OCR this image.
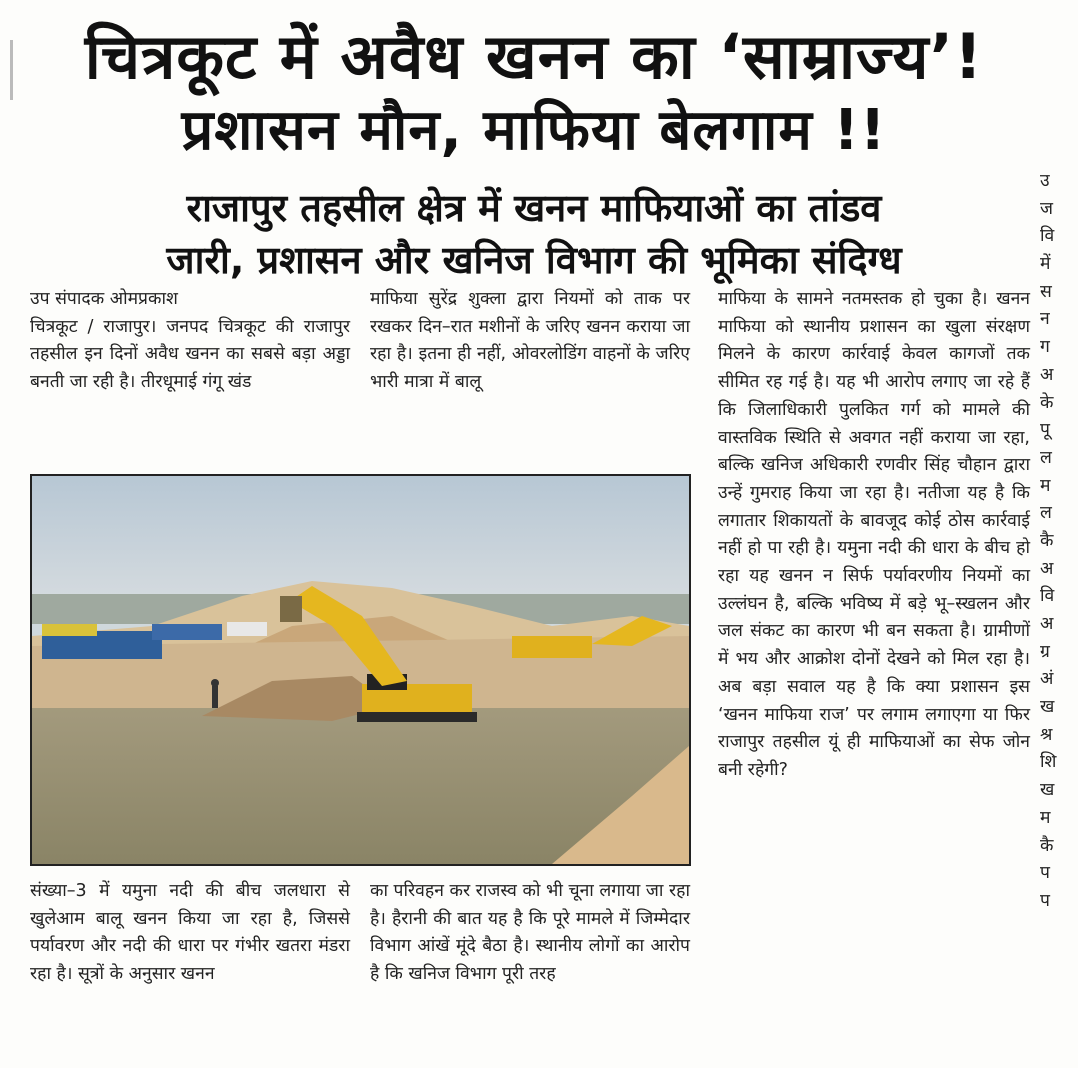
चित्रकूट में अवैध खनन का ‘साम्राज्य’!
प्रशासन मौन, माफिया बेलगाम !!
राजापुर तहसील क्षेत्र में खनन माफियाओं का तांडव
जारी, प्रशासन और खनिज विभाग की भूमिका संदिग्ध
उप संपादक ओमप्रकाश

चित्रकूट / राजापुर। जनपद चित्रकूट की राजापुर तहसील इन दिनों अवैध खनन का सबसे बड़ा अड्डा बनती जा रही है। तीरधूमाई गंगू खंड

माफिया सुरेंद्र शुक्ला द्वारा नियमों को ताक पर रखकर दिन–रात मशीनों के जरिए खनन कराया जा रहा है। इतना ही नहीं, ओवरलोडिंग वाहनों के जरिए भारी मात्रा में बालू

माफिया के सामने नतमस्तक हो चुका है। खनन माफिया को स्थानीय प्रशासन का खुला संरक्षण मिलने के कारण कार्रवाई केवल कागजों तक सीमित रह गई है। यह भी आरोप लगाए जा रहे हैं कि जिलाधिकारी पुलकित गर्ग को मामले की वास्तविक स्थिति से अवगत नहीं कराया जा रहा, बल्कि खनिज अधिकारी रणवीर सिंह चौहान द्वारा उन्हें गुमराह किया जा रहा है। नतीजा यह है कि लगातार शिकायतों के बावजूद कोई ठोस कार्रवाई नहीं हो पा रही है। यमुना नदी की धारा के बीच हो रहा यह खनन न सिर्फ पर्यावरणीय नियमों का उल्लंघन है, बल्कि भविष्य में बड़े भू–स्खलन और जल संकट का कारण भी बन सकता है। ग्रामीणों में भय और आक्रोश दोनों देखने को मिल रहा है। अब बड़ा सवाल यह है कि क्या प्रशासन इस ‘खनन माफिया राज’ पर लगाम लगाएगा या फिर राजापुर तहसील यूं ही माफियाओं का सेफ जोन बनी रहेगी?

संख्या–3 में यमुना नदी की बीच जलधारा से खुलेआम बालू खनन किया जा रहा है, जिससे पर्यावरण और नदी की धारा पर गंभीर खतरा मंडरा रहा है। सूत्रों के अनुसार खनन

का परिवहन कर राजस्व को भी चूना लगाया जा रहा है। हैरानी की बात यह है कि पूरे मामले में जिम्मेदार विभाग आंखें मूंदे बैठा है। स्थानीय लोगों का आरोप है कि खनिज विभाग पूरी तरह

उ
ज
वि
में
स
न
ग
अ
के
पू
ल
म
ल
कै
अ
वि
अ
ग्र
अं
ख
श्र
शि
ख
म
कै
प
प
